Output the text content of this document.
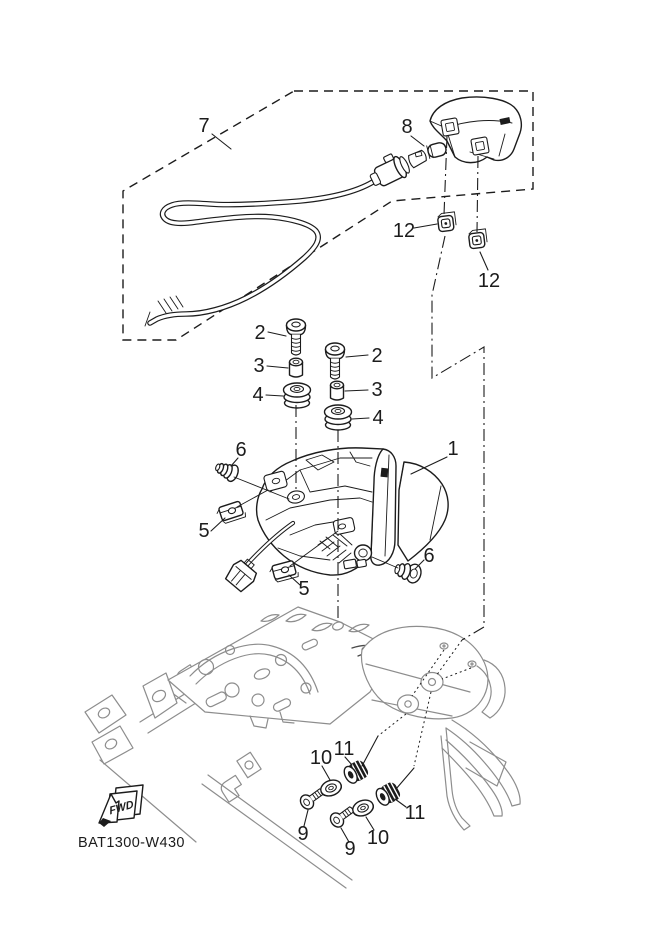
7	8
12
12
2
2
3
3
4
4
1
6
6
5
5
9
9
10
10
11
11
FWD
BAT1300-W430
